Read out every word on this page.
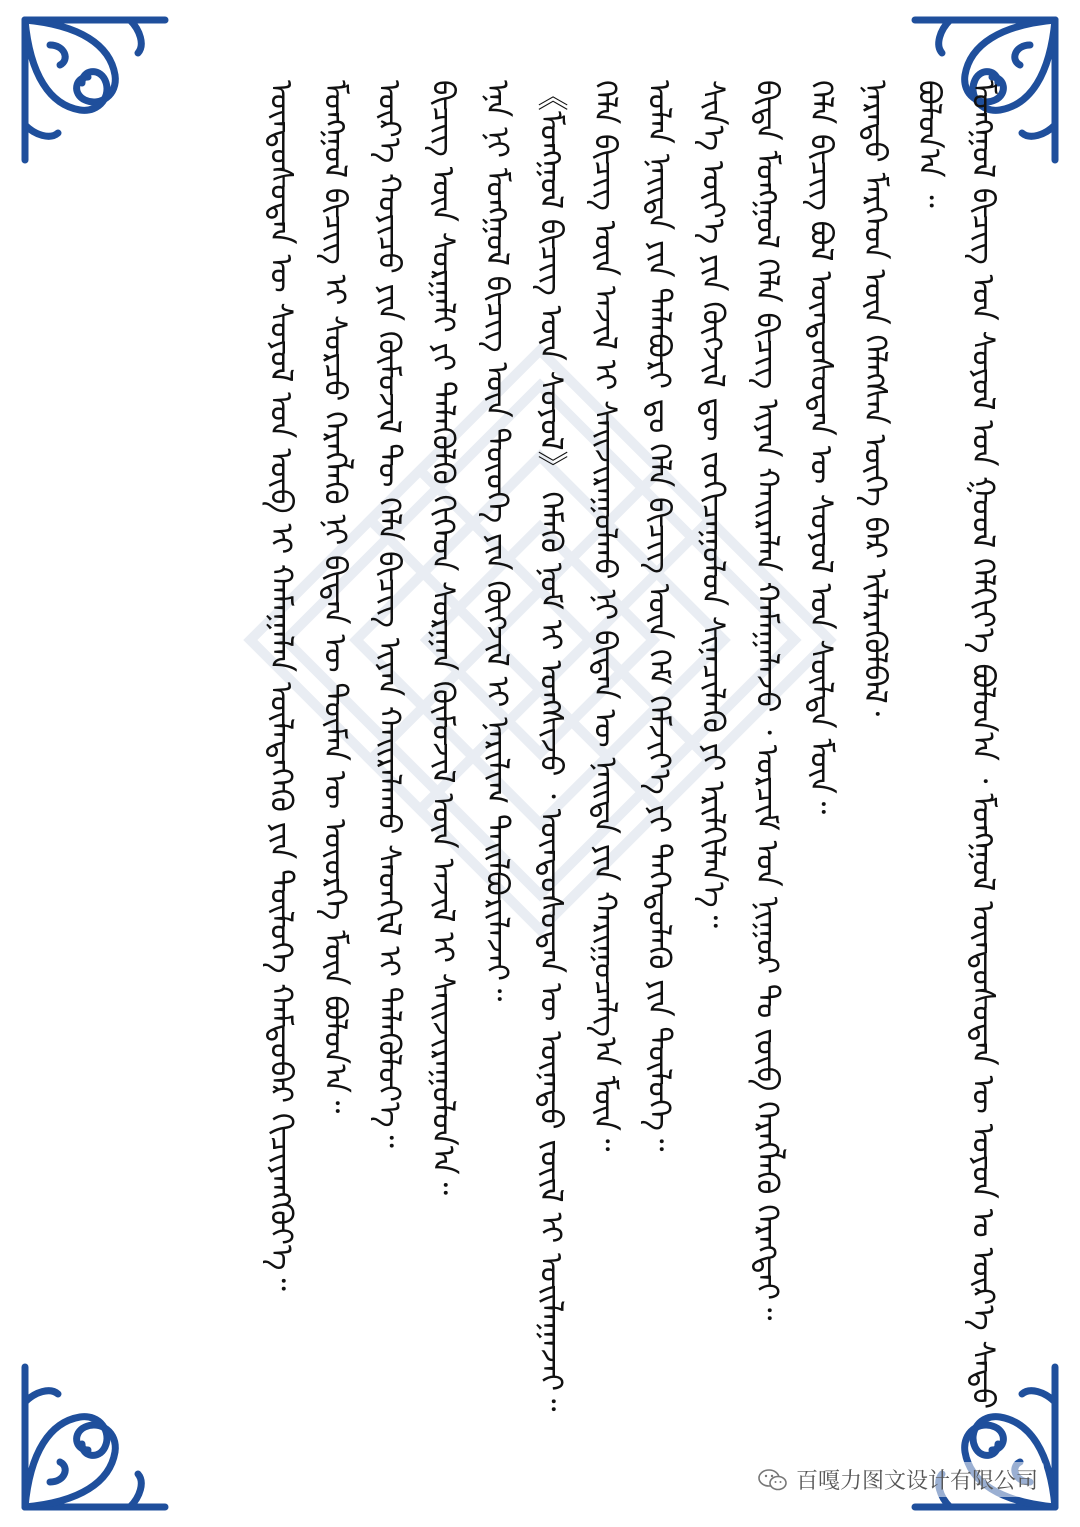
ᠮᠣᠩᠭᠣᠯ ᠪᠢᠴᠢᠭ᠌ ᠤᠨ ᠰᠣᠶᠣᠯ ᠤᠨ ᠭᠣᠣᠯ ᠬᠡᠯᠬᠢᠶ᠎ᠡ ᠪᠣᠯᠤᠨ᠎ᠠ ᠂ ᠮᠣᠩᠭᠣᠯ ᠦᠨᠳᠦᠰᠦᠲᠡᠨ ᠦ ᠣᠶᠤᠨ ᠤ ᠦᠷ᠎ᠡ ᠰᠠᠳᠤ ᠪᠣᠯᠤᠨ᠎ᠠ ᠃

ᠨᠡᠷᠡᠲᠦ ᠮᠡᠷᠭᠡᠳ ᠦᠨ ᠬᠡᠯᠡᠭᠰᠡᠨ ᠦᠭᠡ ᠪᠡᠷ ᠢᠯᠡᠷᠡᠭᠦᠯᠪᠡᠯ᠂

ᠬᠡᠯᠡ ᠪᠢᠴᠢᠭ ᠪᠣᠯ ᠦᠨᠳᠦᠰᠦᠲᠡᠨ ᠦ ᠰᠣᠶᠣᠯ ᠤᠨ ᠰᠦᠯᠳᠡ ᠮᠥᠨ᠃

ᠪᠢᠳᠡ ᠮᠣᠩᠭᠣᠯ ᠬᠡᠯᠡ ᠪᠢᠴᠢᠭ ᠢᠶᠡᠨ ᠬᠠᠢᠷᠠᠯᠠᠨ ᠬᠠᠮᠠᠭᠠᠯᠠᠵᠤ ᠂ ᠣᠷᠴᠢᠮ ᠤᠨ ᠨᠢᠭᠤᠷ ᠲᠤ ᠵᠥᠪ ᠬᠡᠷᠡᠭᠯᠡᠬᠦ ᠬᠡᠷᠡᠭᠲᠡᠢ᠃

ᠰᠢᠨ᠎ᠡ ᠦᠶ᠎ᠡ ᠶᠢᠨ ᠬᠥᠭᠵᠢᠯ ᠳᠦ ᠵᠣᠬᠢᠴᠠᠭᠤᠯᠤᠨ ᠰᠢᠨᠡᠴᠢᠯᠡᠬᠦ ᠶᠢ ᠡᠷᠢᠯᠬᠢᠯᠡᠨ᠎ᠡ᠃

ᠣᠯᠠᠨ ᠨᠡᠢᠲᠡ ᠶᠢᠨ ᠳᠠᠯᠠᠪᠤᠷᠢ ᠳᠤ ᠬᠡᠯᠡ ᠪᠢᠴᠢᠭ ᠦᠨ ᠬᠡᠮ ᠬᠡᠮᠵᠢᠶ᠎ᠡ ᠶᠢ ᠳᠡᠭᠡᠳᠦᠯᠡᠬᠦ ᠶᠢᠨ ᠲᠥᠯᠥᠭᠡ᠃

ᠬᠡᠯᠡ ᠪᠢᠴᠢᠭ ᠦᠨ ᠠᠵᠢᠯ ᠢ ᠰᠠᠢᠵᠢᠷᠠᠭᠤᠯᠬᠤ ᠨᠢ ᠪᠢᠳᠡᠨ ᠦ ᠨᠡᠢᠲᠡ ᠶᠢᠨ ᠬᠠᠷᠢᠭᠤᠴᠠᠯᠭ᠎ᠠ ᠮᠥᠨ᠃

《ᠮᠣᠩᠭᠣᠯ ᠪᠢᠴᠢᠭ ᠦᠨ ᠰᠣᠶᠣᠯ》 ᠬᠡᠮᠡᠬᠦ ᠨᠣᠮ ᠢ ᠤᠩᠰᠢᠵᠤ ᠂ ᠦᠨᠳᠦᠰᠦᠲᠡᠨ ᠦ ᠦᠨᠡᠲᠦ ᠵᠦᠢᠯ ᠢ ᠣᠢᠯᠠᠭᠠᠵᠠᠢ᠃

ᠡᠨᠡ ᠨᠢ ᠮᠣᠩᠭᠣᠯ ᠪᠢᠴᠢᠭ ᠦᠨ ᠲᠦᠦᠬᠡ ᠶᠢᠨ ᠬᠥᠭᠵᠢᠯ ᠢ ᠨᠠᠷᠢᠯᠢᠭ ᠲᠠᠢᠯᠪᠤᠷᠢᠯᠠᠵᠠᠢ᠃

ᠪᠢᠴᠢᠭ ᠦᠨ ᠰᠤᠷᠭᠠᠯᠢ ᠶᠢ ᠲᠡᠯᠡᠭᠦᠯᠬᠦ ᠬᠢᠭᠡᠳ ᠰᠤᠷᠭᠠᠨ ᠬᠥᠮᠦᠵᠢᠯ ᠦᠨ ᠠᠵᠢᠯ ᠢ ᠰᠠᠢᠵᠢᠷᠠᠭᠤᠯᠤᠨ᠎ᠠ᠃

ᠦᠷ᠎ᠡ ᠬᠣᠶᠢᠴᠤ ᠶᠢᠨ ᠬᠦᠮᠦᠵᠢᠯ ᠲᠦ ᠬᠡᠯᠡ ᠪᠢᠴᠢᠭ ᠢᠶᠡᠨ ᠬᠠᠢᠷᠠᠯᠠᠬᠤ ᠰᠡᠳᠬᠢᠯ ᠢ ᠲᠡᠯᠡᠭᠦᠯᠦᠶ᠎ᠡ᠃

ᠮᠣᠩᠭᠣᠯ ᠪᠢᠴᠢᠭ ᠢ ᠰᠤᠷᠴᠤ ᠬᠡᠷᠡᠭᠯᠡᠬᠦ ᠨᠢ ᠪᠢᠳᠡᠨ ᠦ ᠲᠦᠮᠡᠨ ᠦ ᠦᠦᠷᠭᠡ ᠮᠥᠨ ᠪᠣᠯᠤᠨ᠎ᠠ᠃

ᠦᠨᠳᠦᠰᠦᠲᠡᠨ ᠦ ᠰᠣᠶᠣᠯ ᠤᠨ ᠦᠪ ᠢ ᠬᠠᠮᠠᠭᠠᠯᠠᠨ ᠦᠯᠡᠳᠡᠭᠡᠬᠦ ᠶᠢᠨ ᠲᠥᠯᠥᠭᠡ ᠬᠠᠮᠲᠤᠪᠠᠷ ᠬᠢᠴᠢᠶᠡᠩᠭᠦᠶ᠎ᠡ᠃

百嘎力图文设计有限公司
